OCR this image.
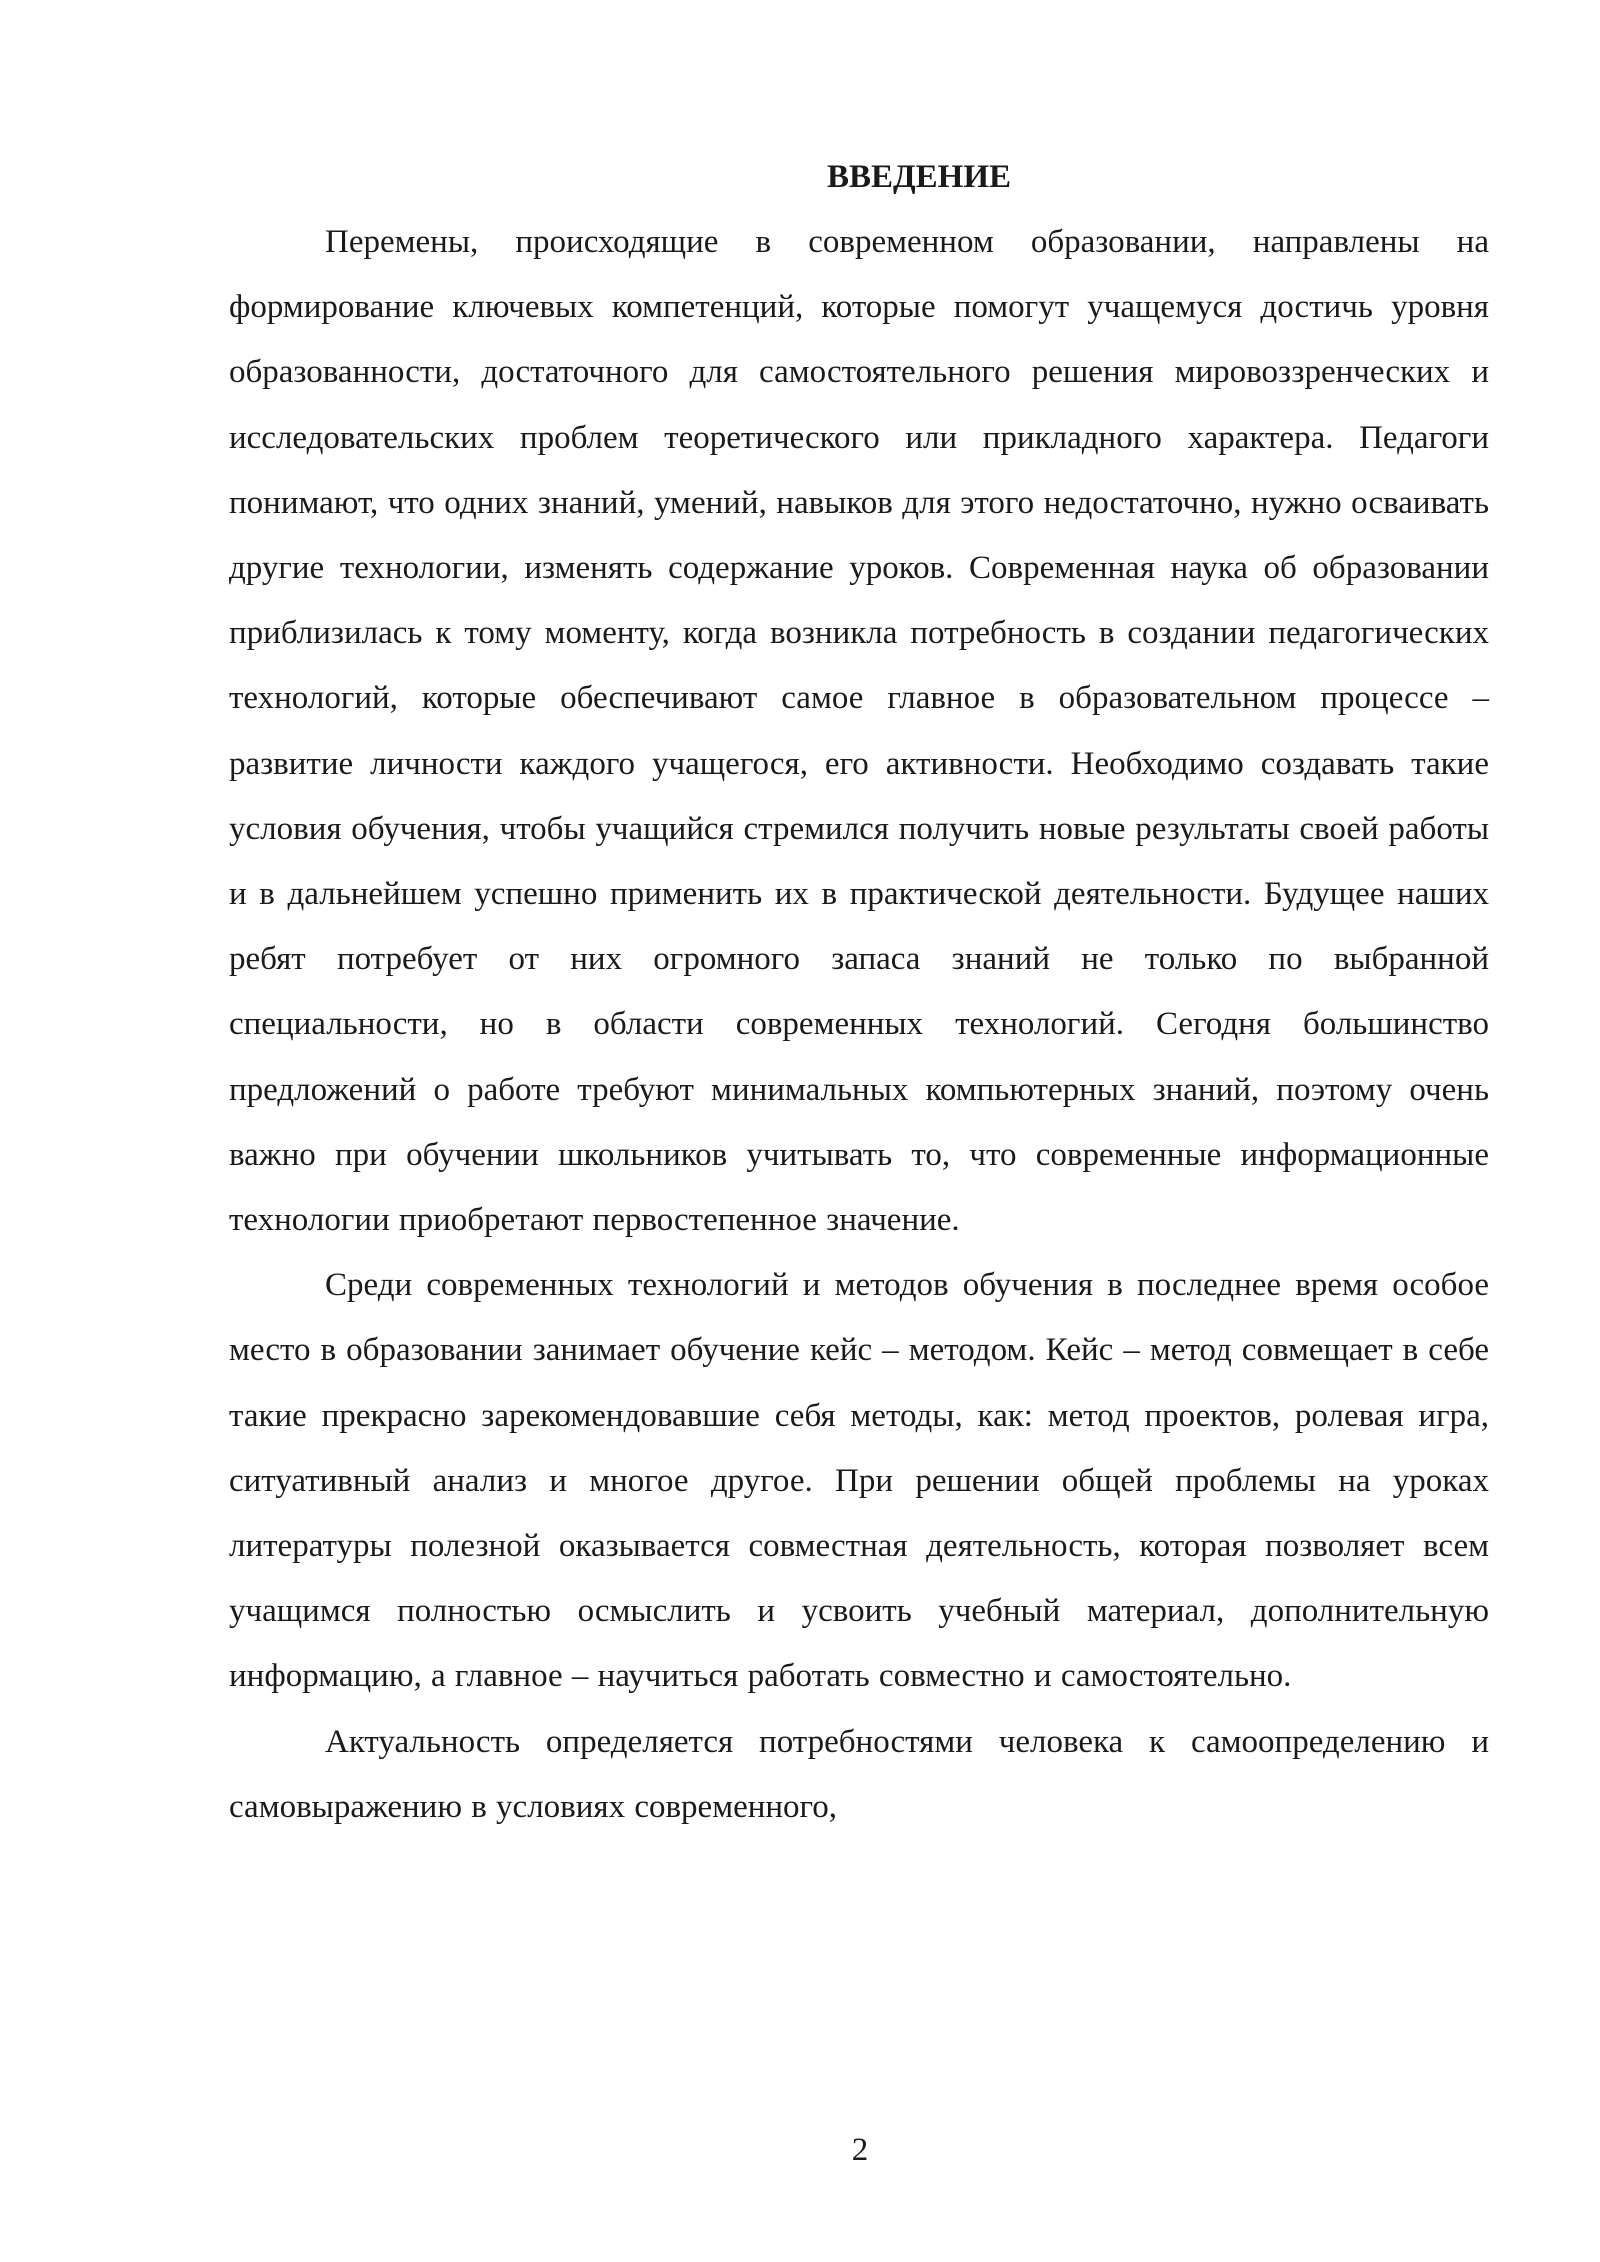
ВВЕДЕНИЕ

Перемены, происходящие в современном образовании, направлены на формирование ключевых компетенций, которые помогут учащемуся достичь уровня образованности, достаточного для самостоятельного решения мировоззренческих и исследовательских проблем теоретического или прикладного характера. Педагоги понимают, что одних знаний, умений, навыков для этого недостаточно, нужно осваивать другие технологии, изменять содержание уроков. Современная наука об образовании приблизилась к тому моменту, когда возникла потребность в создании педагогических технологий, которые обеспечивают самое главное в образовательном процессе – развитие личности каждого учащегося, его активности. Необходимо создавать такие условия обучения, чтобы учащийся стремился получить новые результаты своей работы и в дальнейшем успешно применить их в практической деятельности. Будущее наших ребят потребует от них огромного запаса знаний не только по выбранной специальности, но в области современных технологий. Сегодня большинство предложений о работе требуют минимальных компьютерных знаний, поэтому очень важно при обучении школьников учитывать то, что современные информационные технологии приобретают первостепенное значение.

Среди современных технологий и методов обучения в последнее время особое место в образовании занимает обучение кейс – методом. Кейс – метод совмещает в себе такие прекрасно зарекомендовавшие себя методы, как: метод проектов, ролевая игра, ситуативный анализ и многое другое. При решении общей проблемы на уроках литературы полезной оказывается совместная деятельность, которая позволяет всем учащимся полностью осмыслить и усвоить учебный материал, дополнительную информацию, а главное – научиться работать совместно и самостоятельно.

Актуальность определяется потребностями человека к самоопределению и самовыражению в условиях современного,

2
